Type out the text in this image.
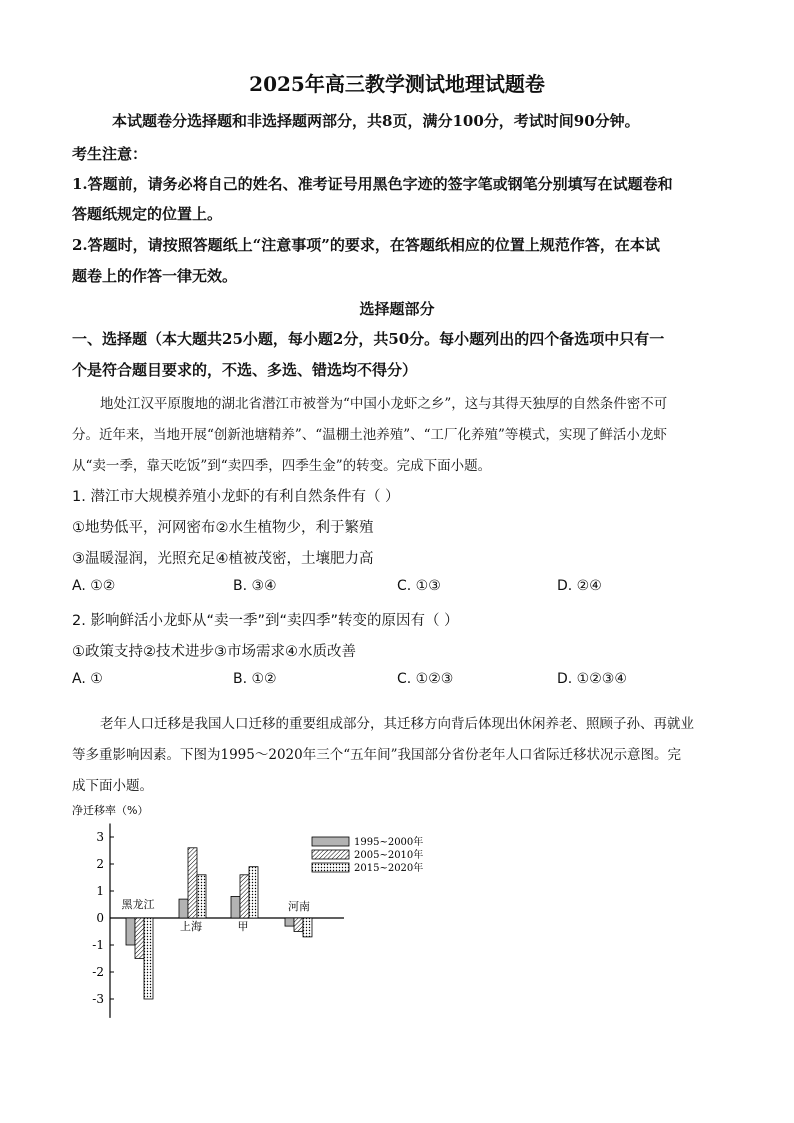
2025年高三教学测试地理试题卷
本试题卷分选择题和非选择题两部分，共8页，满分100分，考试时间90分钟。
考生注意：
1.答题前，请务必将自己的姓名、准考证号用黑色字迹的签字笔或钢笔分别填写在试题卷和
答题纸规定的位置上。
2.答题时，请按照答题纸上“注意事项”的要求，在答题纸相应的位置上规范作答，在本试
题卷上的作答一律无效。
选择题部分
一、选择题（本大题共25小题，每小题2分，共50分。每小题列出的四个备选项中只有一
个是符合题目要求的，不选、多选、错选均不得分）
地处江汉平原腹地的湖北省潜江市被誉为“中国小龙虾之乡”，这与其得天独厚的自然条件密不可
分。近年来，当地开展“创新池塘精养”、“温棚土池养殖”、“工厂化养殖”等模式，实现了鲜活小龙虾
从“卖一季，靠天吃饭”到“卖四季，四季生金”的转变。完成下面小题。
1. 潜江市大规模养殖小龙虾的有利自然条件有（ ）
①地势低平，河网密布②水生植物少，利于繁殖
③温暖湿润，光照充足④植被茂密，土壤肥力高
A. ①②	B. ③④	C. ①③	D. ②④
2. 影响鲜活小龙虾从“卖一季”到“卖四季”转变的原因有（ ）
①政策支持②技术进步③市场需求④水质改善
A. ①	B. ①②	C. ①②③	D. ①②③④
老年人口迁移是我国人口迁移的重要组成部分，其迁移方向背后体现出休闲养老、照顾子孙、再就业
等多重影响因素。下图为1995～2020年三个“五年间”我国部分省份老年人口省际迁移状况示意图。完
成下面小题。
净迁移率（%）
3
2
1
0
-1
-2
-3
黑龙江
上海	甲
河南
1995~2000年
2005~2010年
2015~2020年
